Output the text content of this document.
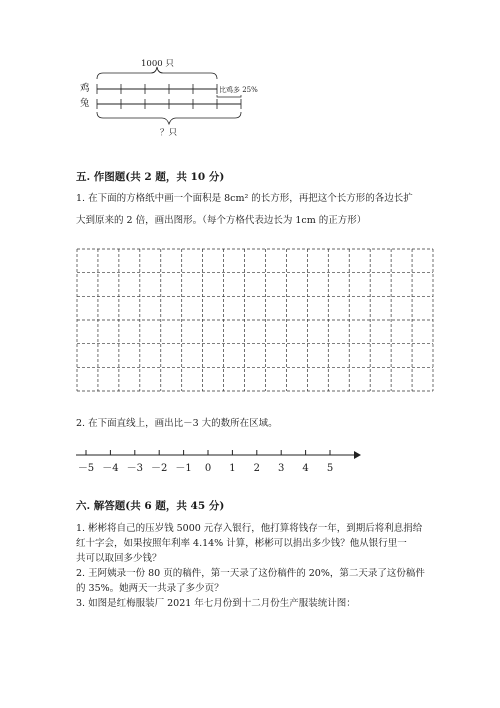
1000 只
鸡
兔
比鸡多 25%
？只
五. 作图题(共 2 题，共 10 分)
1. 在下面的方格纸中画一个面积是 8cm² 的长方形，再把这个长方形的各边长扩
大到原来的 2 倍，画出图形。（每个方格代表边长为 1cm 的正方形）
2. 在下面直线上，画出比－3 大的数所在区域。
－5 －4 －3 －2 －1 0 1 2 3 4 5
六. 解答题(共 6 题，共 45 分)
1. 彬彬将自己的压岁钱 5000 元存入银行，他打算将钱存一年，到期后将利息捐给
红十字会，如果按照年利率 4.14% 计算，彬彬可以捐出多少钱？他从银行里一
共可以取回多少钱？
2. 王阿姨录一份 80 页的稿件，第一天录了这份稿件的 20%，第二天录了这份稿件
的 35%。她两天一共录了多少页？
3. 如图是红梅服装厂 2021 年七月份到十二月份生产服装统计图：
